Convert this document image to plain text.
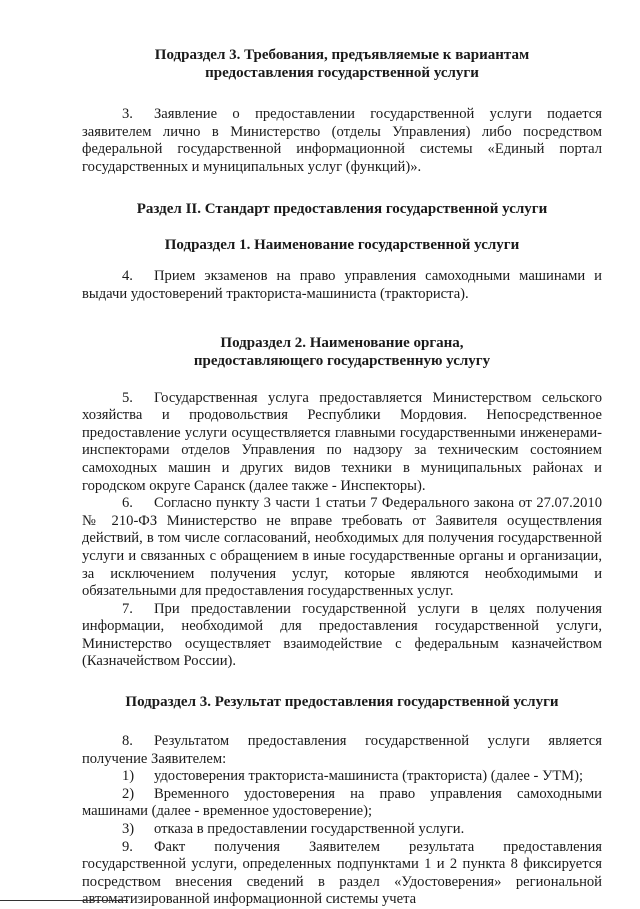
Подраздел 3. Требования, предъявляемые к вариантам
предоставления государственной услуги

3. Заявление о предоставлении государственной услуги подается заявителем лично в Министерство (отделы Управления) либо посредством федеральной государственной информационной системы «Единый портал государственных и муниципальных услуг (функций)».

Раздел II. Стандарт предоставления государственной услуги
Подраздел 1. Наименование государственной услуги

4. Прием экзаменов на право управления самоходными машинами и выдачи удостоверений тракториста-машиниста (тракториста).

Подраздел 2. Наименование органа,
предоставляющего государственную услугу

5. Государственная услуга предоставляется Министерством сельского хозяйства и продовольствия Республики Мордовия. Непосредственное предоставление услуги осуществляется главными государственными инженерами-инспекторами отделов Управления по надзору за техническим состоянием самоходных машин и других видов техники в муниципальных районах и городском округе Саранск (далее также - Инспекторы).

6. Согласно пункту 3 части 1 статьи 7 Федерального закона от 27.07.2010 № 210-ФЗ Министерство не вправе требовать от Заявителя осуществления действий, в том числе согласований, необходимых для получения государственной услуги и связанных с обращением в иные государственные органы и организации, за исключением получения услуг, которые являются необходимыми и обязательными для предоставления государственных услуг.

7. При предоставлении государственной услуги в целях получения информации, необходимой для предоставления государственной услуги, Министерство осуществляет взаимодействие с федеральным казначейством (Казначейством России).

Подраздел 3. Результат предоставления государственной услуги

8. Результатом предоставления государственной услуги является получение Заявителем:

1) удостоверения тракториста-машиниста (тракториста) (далее - УТМ);

2) Временного удостоверения на право управления самоходными машинами (далее - временное удостоверение);

3) отказа в предоставлении государственной услуги.

9. Факт получения Заявителем результата предоставления государственной услуги, определенных подпунктами 1 и 2 пункта 8 фиксируется посредством внесения сведений в раздел «Удостоверения» региональной автоматизированной информационной системы учета
